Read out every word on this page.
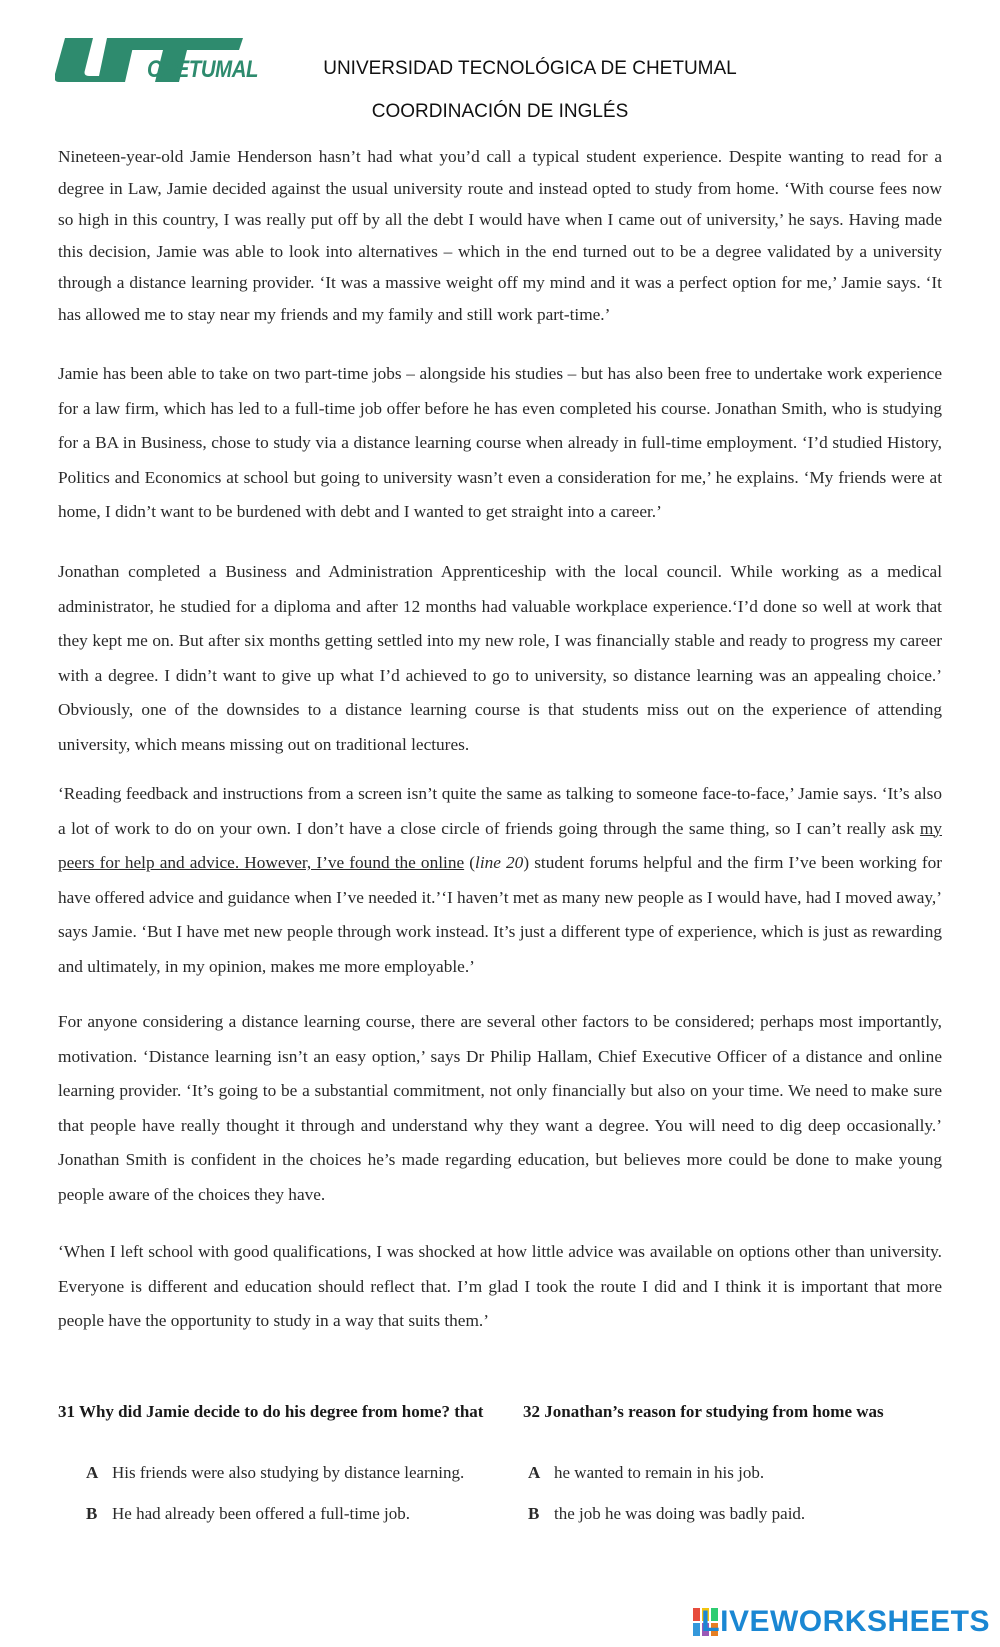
CHETUMAL	UNIVERSIDAD TECNOLÓGICA DE CHETUMAL
COORDINACIÓN DE INGLÉS

Nineteen-year-old Jamie Henderson hasn’t had what you’d call a typical student experience. Despite wanting to read for a degree in Law, Jamie decided against the usual university route and instead opted to study from home. ‘With course fees now so high in this country, I was really put off by all the debt I would have when I came out of university,’ he says. Having made this decision, Jamie was able to look into alternatives – which in the end turned out to be a degree validated by a university through a distance learning provider. ‘It was a massive weight off my mind and it was a perfect option for me,’ Jamie says. ‘It has allowed me to stay near my friends and my family and still work part-time.’

Jamie has been able to take on two part-time jobs – alongside his studies – but has also been free to undertake work experience for a law firm, which has led to a full-time job offer before he has even completed his course. Jonathan Smith, who is studying for a BA in Business, chose to study via a distance learning course when already in full-time employment. ‘I’d studied History, Politics and Economics at school but going to university wasn’t even a consideration for me,’ he explains. ‘My friends were at home, I didn’t want to be burdened with debt and I wanted to get straight into a career.’

Jonathan completed a Business and Administration Apprenticeship with the local council. While working as a medical administrator, he studied for a diploma and after 12 months had valuable workplace experience.‘I’d done so well at work that they kept me on. But after six months getting settled into my new role, I was financially stable and ready to progress my career with a degree. I didn’t want to give up what I’d achieved to go to university, so distance learning was an appealing choice.’ Obviously, one of the downsides to a distance learning course is that students miss out on the experience of attending university, which means missing out on traditional lectures.

‘Reading feedback and instructions from a screen isn’t quite the same as talking to someone face-to-face,’ Jamie says. ‘It’s also a lot of work to do on your own. I don’t have a close circle of friends going through the same thing, so I can’t really ask my peers for help and advice. However, I’ve found the online (line 20) student forums helpful and the firm I’ve been working for have offered advice and guidance when I’ve needed it.’‘I haven’t met as many new people as I would have, had I moved away,’ says Jamie. ‘But I have met new people through work instead. It’s just a different type of experience, which is just as rewarding and ultimately, in my opinion, makes me more employable.’

For anyone considering a distance learning course, there are several other factors to be considered; perhaps most importantly, motivation. ‘Distance learning isn’t an easy option,’ says Dr Philip Hallam, Chief Executive Officer of a distance and online learning provider. ‘It’s going to be a substantial commitment, not only financially but also on your time. We need to make sure that people have really thought it through and understand why they want a degree. You will need to dig deep occasionally.’ Jonathan Smith is confident in the choices he’s made regarding education, but believes more could be done to make young people aware of the choices they have.

‘When I left school with good qualifications, I was shocked at how little advice was available on options other than university. Everyone is different and education should reflect that. I’m glad I took the route I did and I think it is important that more people have the opportunity to study in a way that suits them.’

31 Why did Jamie decide to do his degree from home? that	32 Jonathan’s reason for studying from home was
A His friends were also studying by distance learning.
B He had already been offered a full-time job.
A he wanted to remain in his job.
B the job he was doing was badly paid.
LIVEWORKSHEETS
